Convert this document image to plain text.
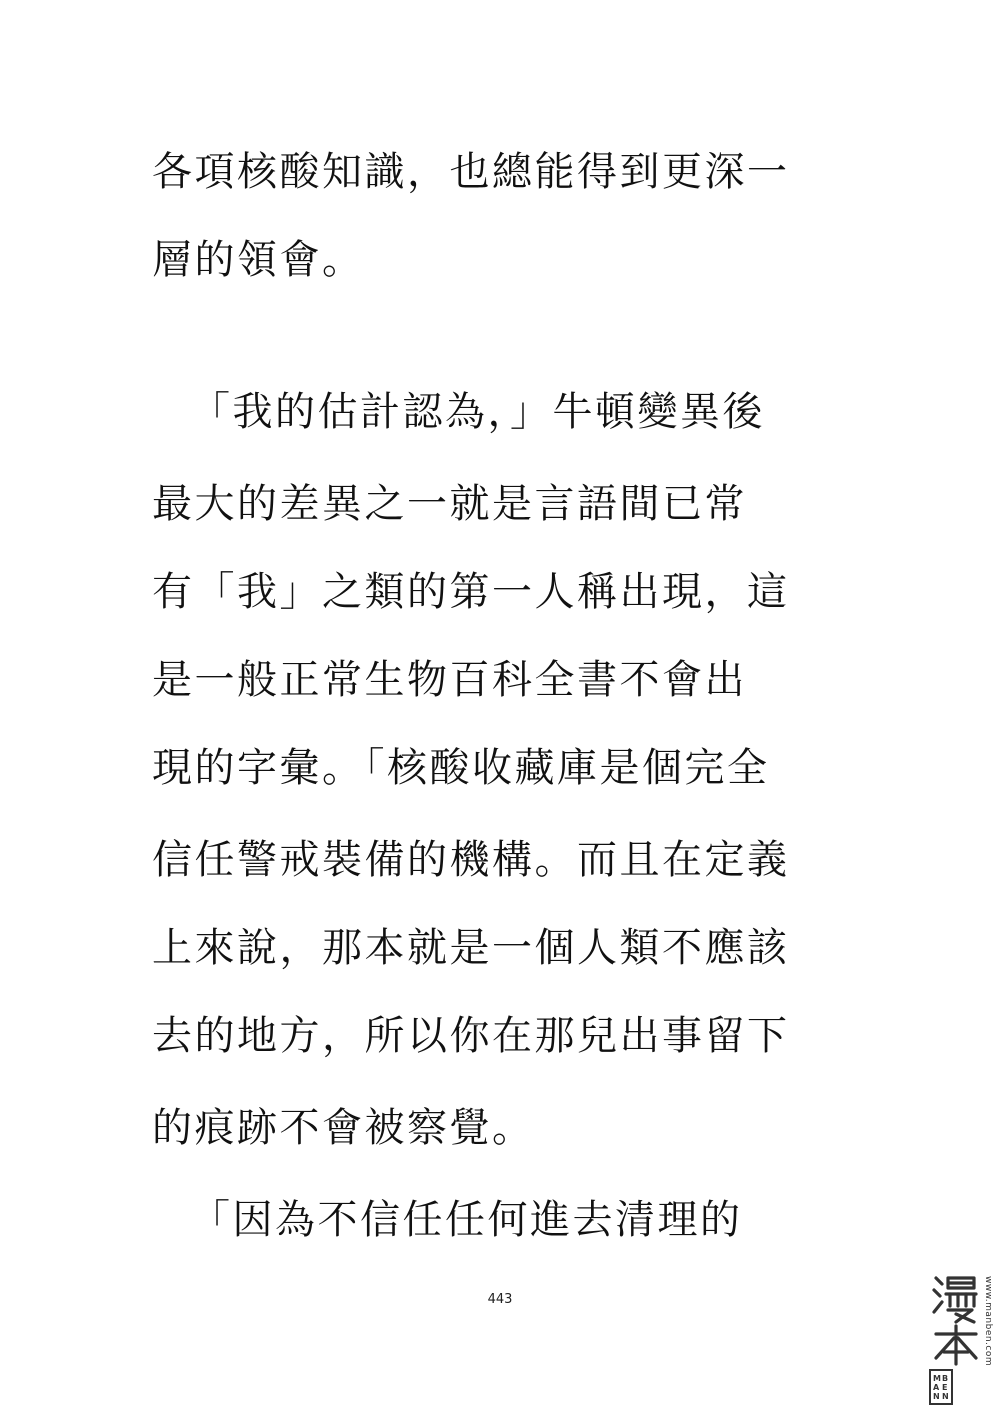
各項核酸知識，也總能得到更深一
層的領會。
「我的估計認為，」牛頓變異後
最大的差異之一就是言語間已常
有「我」之類的第一人稱出現，這
是一般正常生物百科全書不會出
現的字彙。「核酸收藏庫是個完全
信任警戒裝備的機構。而且在定義
上來說，那本就是一個人類不應該
去的地方，所以你在那兒出事留下
的痕跡不會被察覺。
「因為不信任任何進去清理的
443
M
A
N
B
E
N
www.manben.com
